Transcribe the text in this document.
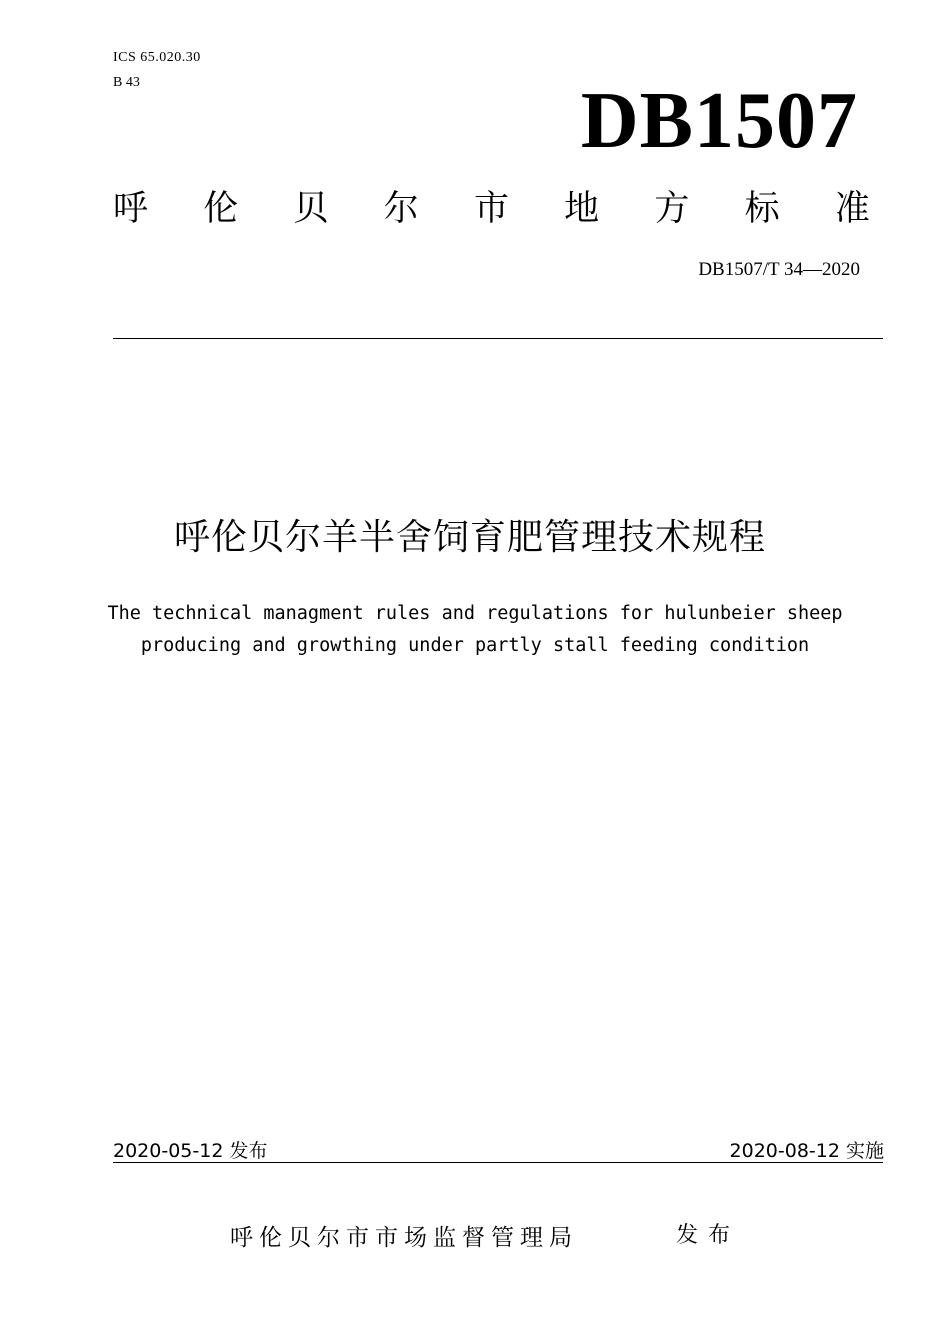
ICS 65.020.30
B 43	DB1507
呼 伦 贝 尔 市 地 方 标 准
DB1507/T 34—2020
呼伦贝尔羊半舍饲育肥管理技术规程
The technical managment rules and regulations for hulunbeier sheep
producing and growthing under partly stall feeding condition
2020-05-12 发布	2020-08-12 实施
呼伦贝尔市市场监督管理局	发布
